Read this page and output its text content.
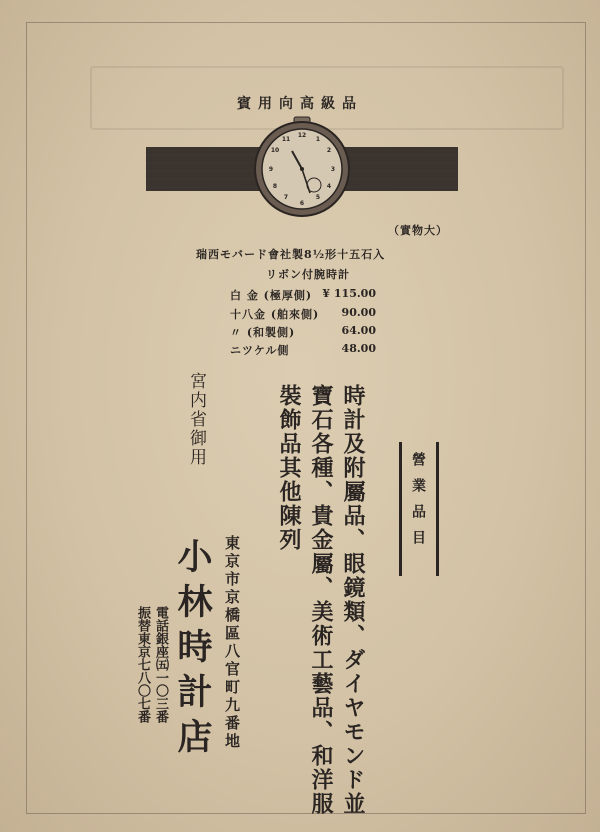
賓用向高級品
12
1
2
3
4
5
6
7
8
9
10
11
（實物大）
瑞西モバード會社製8½形十五石入
リボン付腕時計
白 金 (極厚側) ¥ 115.00
十八金 (舶來側) 90.00
〃 (和製側)	64.00
ニツケル側	48.00
營業品目
時計及附屬品、眼鏡類、ダイヤモンド並
寶石各種、貴金屬、美術工藝品、和洋服
裝飾品其他陳列
東京市京橋區八官町九番地
宮内省御用
小林時計店
電話銀座㈤一〇三番
振替東京七八〇七番
